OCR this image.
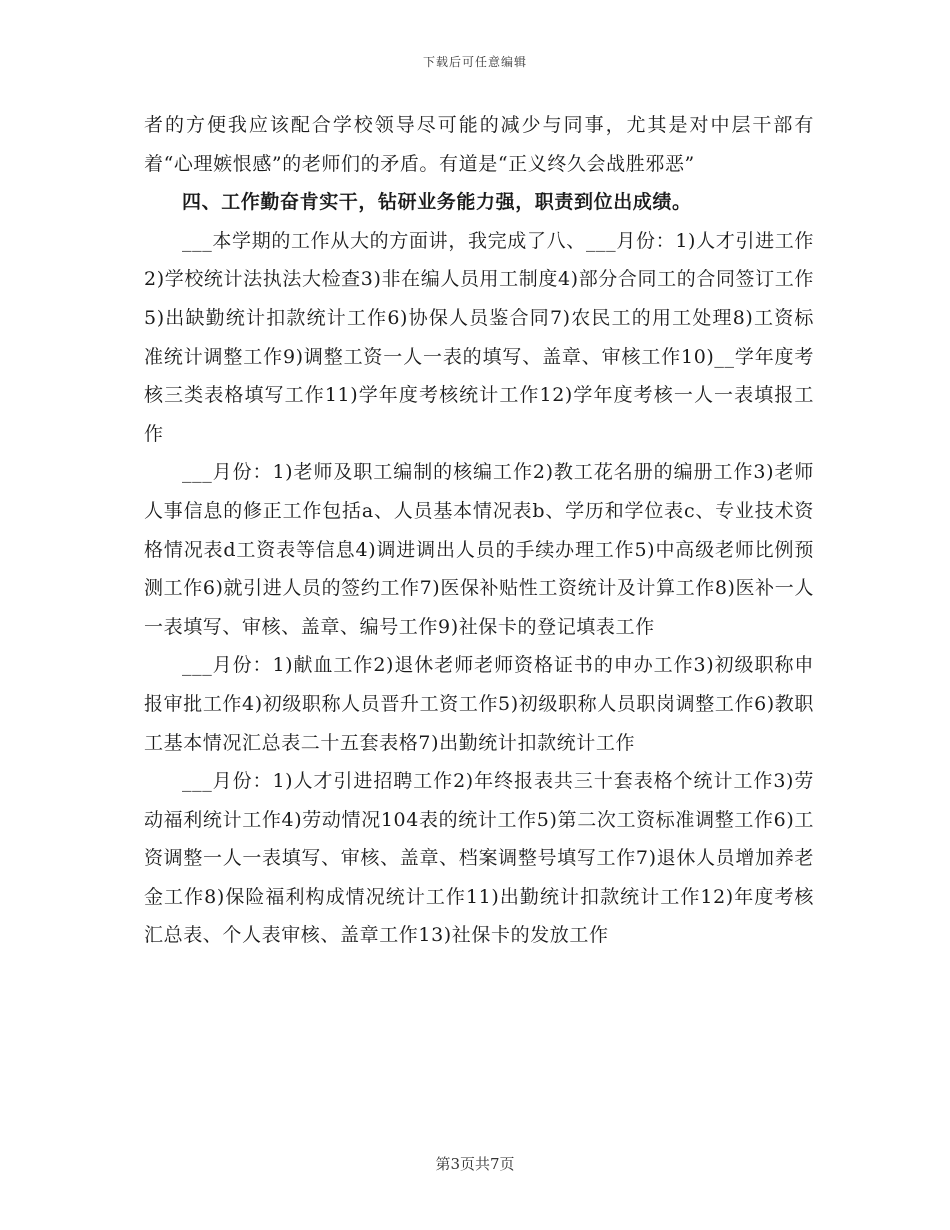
下载后可任意编辑

者的方便我应该配合学校领导尽可能的减少与同事，尤其是对中层干部有着“心理嫉恨感”的老师们的矛盾。有道是“正义终久会战胜邪恶”

四、工作勤奋肯实干，钻研业务能力强，职责到位出成绩。

___本学期的工作从大的方面讲，我完成了八、___月份：1)人才引进工作2)学校统计法执法大检查3)非在编人员用工制度4)部分合同工的合同签订工作5)出缺勤统计扣款统计工作6)协保人员鉴合同7)农民工的用工处理8)工资标准统计调整工作9)调整工资一人一表的填写、盖章、审核工作10)__学年度考核三类表格填写工作11)学年度考核统计工作12)学年度考核一人一表填报工作

___月份：1)老师及职工编制的核编工作2)教工花名册的编册工作3)老师人事信息的修正工作包括a、人员基本情况表b、学历和学位表c、专业技术资格情况表d工资表等信息4)调进调出人员的手续办理工作5)中高级老师比例预测工作6)就引进人员的签约工作7)医保补贴性工资统计及计算工作8)医补一人一表填写、审核、盖章、编号工作9)社保卡的登记填表工作

___月份：1)献血工作2)退休老师老师资格证书的申办工作3)初级职称申报审批工作4)初级职称人员晋升工资工作5)初级职称人员职岗调整工作6)教职工基本情况汇总表二十五套表格7)出勤统计扣款统计工作

___月份：1)人才引进招聘工作2)年终报表共三十套表格个统计工作3)劳动福利统计工作4)劳动情况104表的统计工作5)第二次工资标准调整工作6)工资调整一人一表填写、审核、盖章、档案调整号填写工作7)退休人员增加养老金工作8)保险福利构成情况统计工作11)出勤统计扣款统计工作12)年度考核汇总表、个人表审核、盖章工作13)社保卡的发放工作

第3页共7页
